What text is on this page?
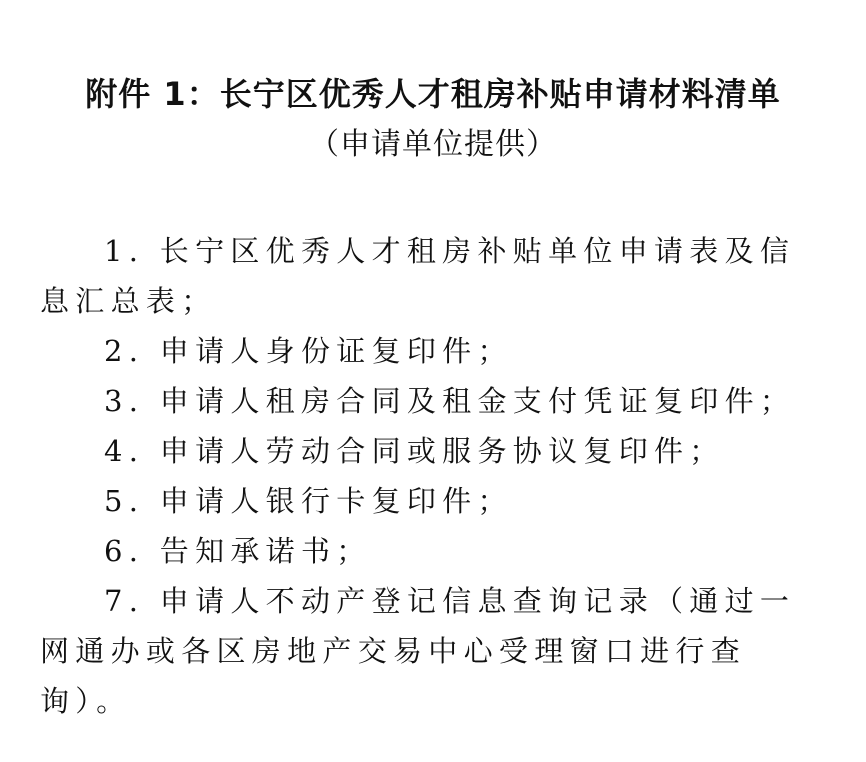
附件 1：长宁区优秀人才租房补贴申请材料清单
（申请单位提供）

1. 长宁区优秀人才租房补贴单位申请表及信息汇总表；

2. 申请人身份证复印件；

3. 申请人租房合同及租金支付凭证复印件；

4. 申请人劳动合同或服务协议复印件；

5. 申请人银行卡复印件；

6. 告知承诺书；

7. 申请人不动产登记信息查询记录（通过一网通办或各区房地产交易中心受理窗口进行查询）。
